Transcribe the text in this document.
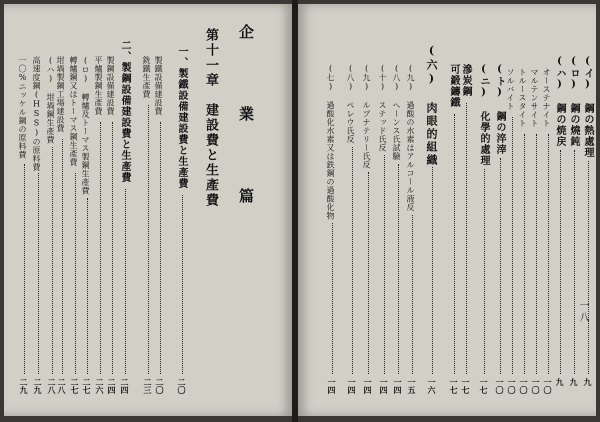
企　業　篇
第十一章　建設費と生產費
一、製鐵設備建設費と生產費
二〇
製鐵設備建設費
二〇
銑鐵生產費
二三
二、製鋼設備建設費と生產費
二四
製鋼設備建設費
二四
平爐製鋼生產費
二六
(ロ) 轉爐及トーマス製鋼生產費
二七
轉爐鋼又はトーマス鋼生產費
二七
坩堝製鋼工場建設費
二八
(ハ) 坩堝鋼生產費
二八
高速度鋼(HSS)の原料費
二九
一〇%ニッケル鋼の原料費
二九
(七) 過酸化水素又は鉄鋼の過酸化物
一四
(八) ペレウ氏反
一四
(九) ルブナテリー氏反
一四
(十) ステッド氏反
一四
(八) ヘーンス氏試驗
一四
(九) 過酸の水素はアルコール液反
一五
(六) 肉眼的組織
一六
可鍛鑄鐵
一七
滲炭鋼
一七
(ニ) 化學的處理
一七
(ト) 鋼の淬滓
一〇
ソルバイト
一〇
トルースタイト
一〇
マルテンサイト
一〇
オーステナイト
一〇
(ハ) 鋼の焼戻
九
(ロ) 鋼の燒鈍
九
(イ) 鋼の熱處理
九
一八
